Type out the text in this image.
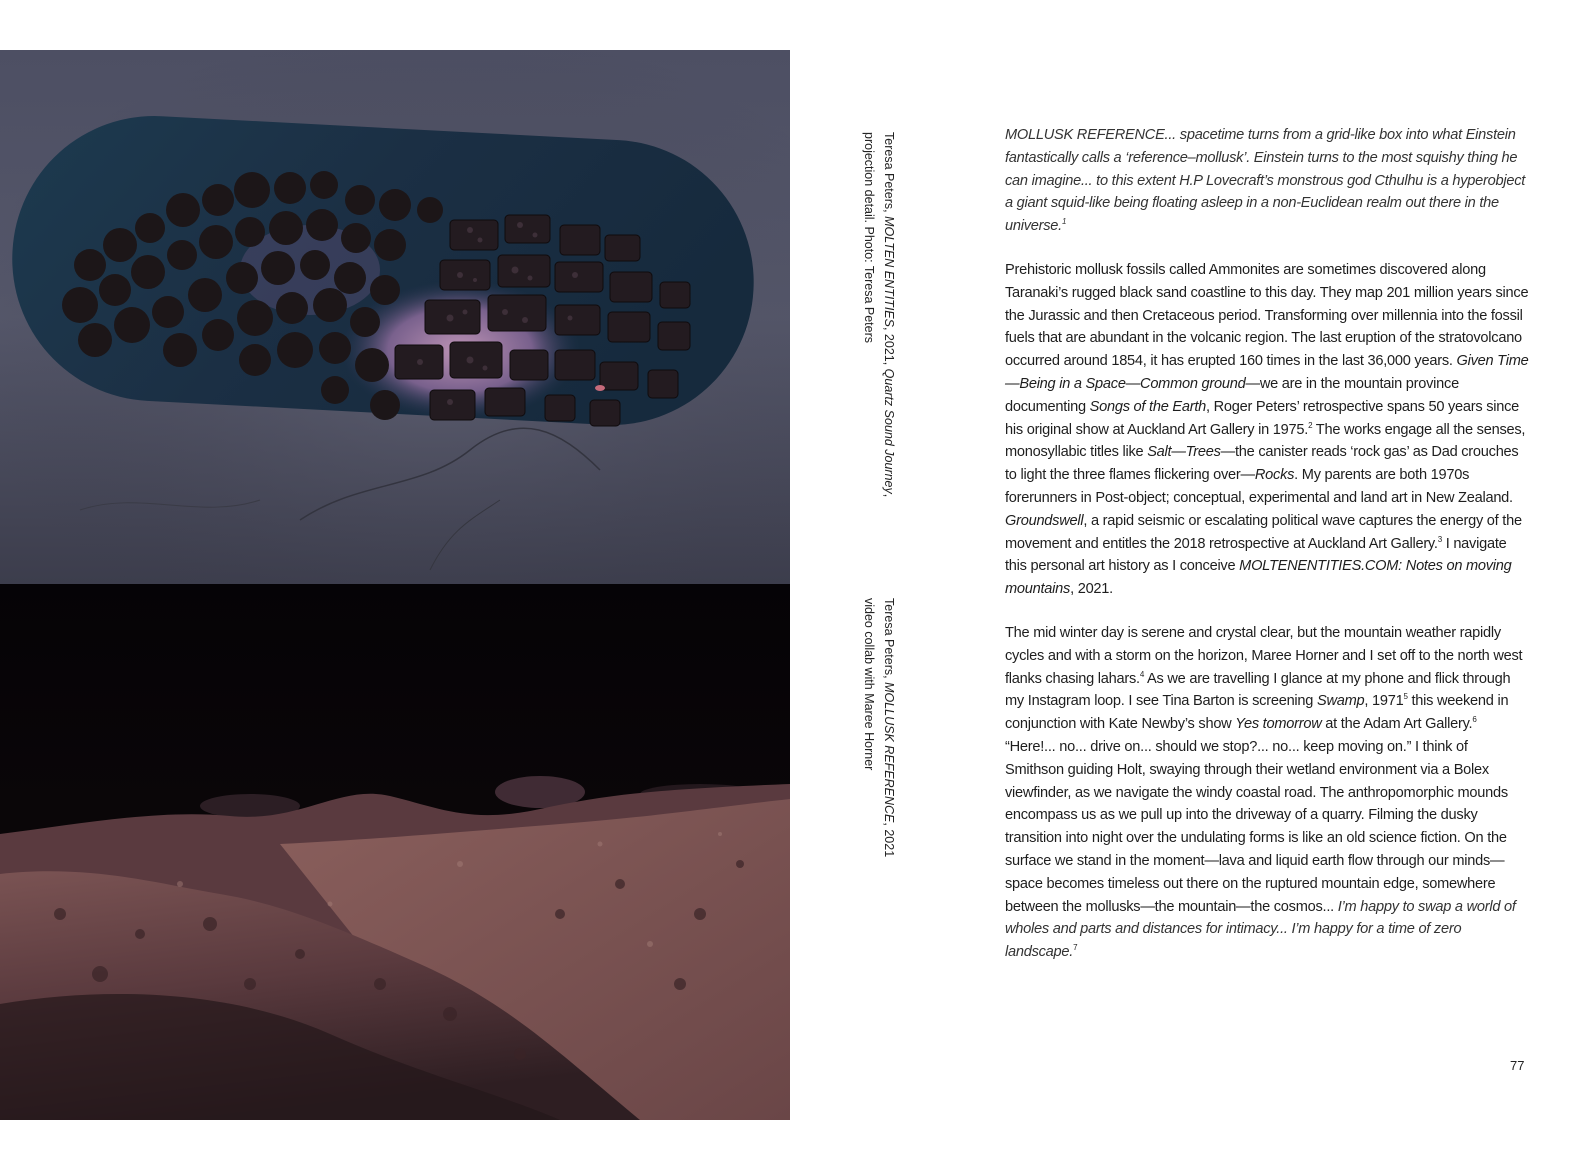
Teresa Peters, MOLTEN ENTITIES, 2021, Quartz Sound Journey,
projection detail. Photo: Teresa Peters
Teresa Peters, MOLLUSK REFERENCE, 2021
video collab with Maree Horner

MOLLUSK REFERENCE... spacetime turns from a grid-like box into what Einstein fantastically calls a ‘reference–mollusk’. Einstein turns to the most squishy thing he can imagine... to this extent H.P Lovecraft’s monstrous god Cthulhu is a hyperobject a giant squid-like being floating asleep in a non-Euclidean realm out there in the universe.$^1$

Prehistoric mollusk fossils called Ammonites are sometimes discovered along Taranaki’s rugged black sand coastline to this day. They map 201 million years since the Jurassic and then Cretaceous period. Transforming over millennia into the fossil fuels that are abundant in the volcanic region. The last eruption of the stratovolcano occurred around 1854, it has erupted 160 times in the last 36,000 years. Given Time—Being in a Space—Common ground—we are in the mountain province documenting Songs of the Earth, Roger Peters’ retrospective spans 50 years since his original show at Auckland Art Gallery in 1975.$^2$ The works engage all the senses, monosyllabic titles like Salt—Trees—the canister reads ‘rock gas’ as Dad crouches to light the three flames flickering over—Rocks. My parents are both 1970s forerunners in Post-object; conceptual, experimental and land art in New Zealand. Groundswell, a rapid seismic or escalating political wave captures the energy of the movement and entitles the 2018 retrospective at Auckland Art Gallery.$^3$ I navigate this personal art history as I conceive MOLTENENTITIES.COM: Notes on moving mountains, 2021.

The mid winter day is serene and crystal clear, but the mountain weather rapidly cycles and with a storm on the horizon, Maree Horner and I set off to the north west flanks chasing lahars.$^4$ As we are travelling I glance at my phone and flick through my Instagram loop. I see Tina Barton is screening Swamp, 1971$^5$ this weekend in conjunction with Kate Newby’s show Yes tomorrow at the Adam Art Gallery.$^6$ “Here!... no... drive on... should we stop?... no... keep moving on.” I think of Smithson guiding Holt, swaying through their wetland environment via a Bolex viewfinder, as we navigate the windy coastal road. The anthropomorphic mounds encompass us as we pull up into the driveway of a quarry. Filming the dusky transition into night over the undulating forms is like an old science fiction. On the surface we stand in the moment—lava and liquid earth flow through our minds—space becomes timeless out there on the ruptured mountain edge, somewhere between the mollusks—the mountain—the cosmos... I’m happy to swap a world of wholes and parts and distances for intimacy... I’m happy for a time of zero landscape.$^7$

77
